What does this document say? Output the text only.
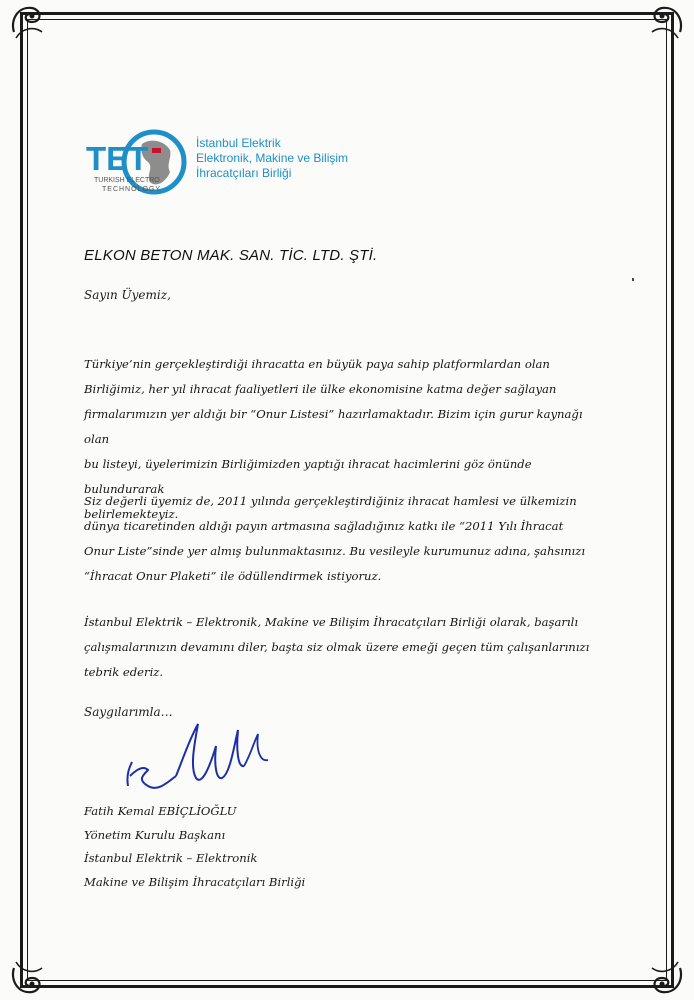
TET
TURKISH ELECTRO
TECHNOLOGY
İstanbul Elektrik
Elektronik, Makine ve Bilişim
İhracatçıları Birliği
ELKON BETON MAK. SAN. TİC. LTD. ŞTİ.
Sayın Üyemiz,
Türkiye’nin gerçekleştirdiği ihracatta en büyük paya sahip platformlardan olan
Birliğimiz, her yıl ihracat faaliyetleri ile ülke ekonomisine katma değer sağlayan
firmalarımızın yer aldığı bir “Onur Listesi” hazırlamaktadır. Bizim için gurur kaynağı olan
bu listeyi, üyelerimizin Birliğimizden yaptığı ihracat hacimlerini göz önünde bulundurarak
belirlemekteyiz.
Siz değerli üyemiz de, 2011 yılında gerçekleştirdiğiniz ihracat hamlesi ve ülkemizin
dünya ticaretinden aldığı payın artmasına sağladığınız katkı ile “2011 Yılı İhracat
Onur Liste”sinde yer almış bulunmaktasınız. Bu vesileyle kurumunuz adına, şahsınızı
“İhracat Onur Plaketi” ile ödüllendirmek istiyoruz.
İstanbul Elektrik – Elektronik, Makine ve Bilişim İhracatçıları Birliği olarak, başarılı
çalışmalarınızın devamını diler, başta siz olmak üzere emeği geçen tüm çalışanlarınızı
tebrik ederiz.
Saygılarımla…
Fatih Kemal EBİÇLİOĞLU
Yönetim Kurulu Başkanı
İstanbul Elektrik – Elektronik
Makine ve Bilişim İhracatçıları Birliği
